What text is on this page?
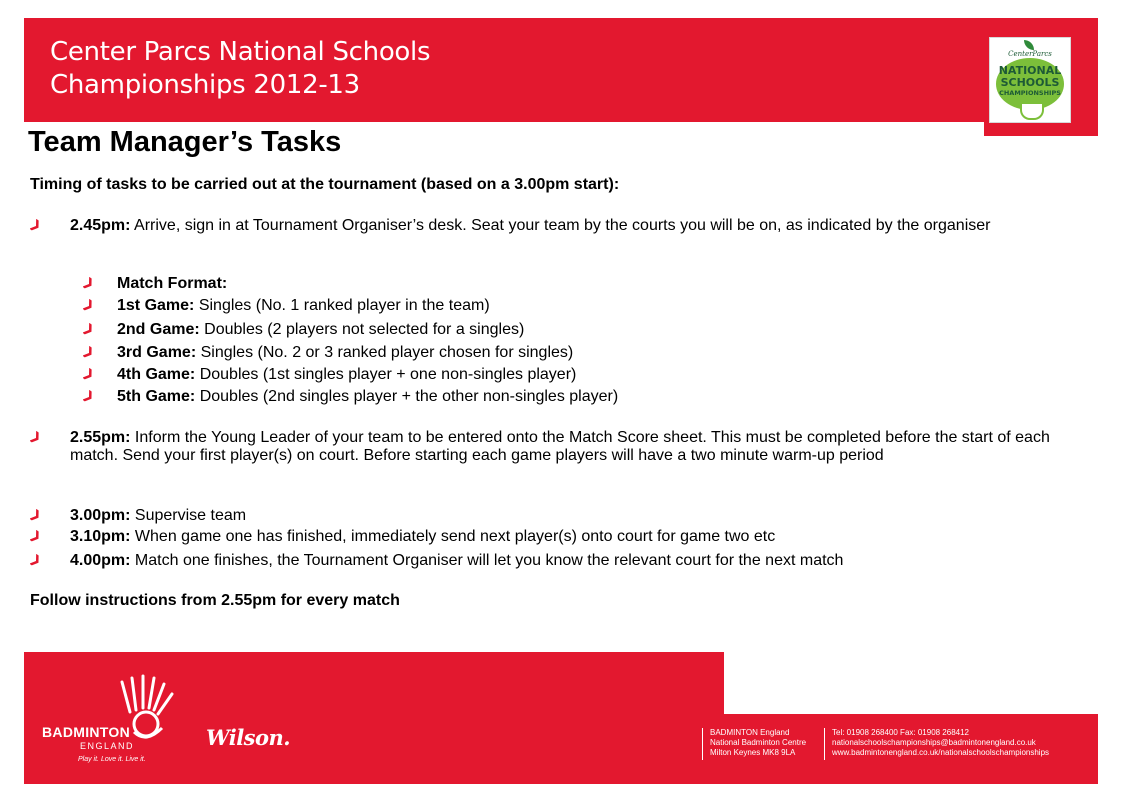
Center Parcs National Schools
Championships 2012-13
CenterParcs
NATIONAL
SCHOOLS
CHAMPIONSHIPS
Team Manager’s Tasks
Timing of tasks to be carried out at the tournament (based on a 3.00pm start):
2.45pm: Arrive, sign in at Tournament Organiser’s desk. Seat your team by the courts you will be on, as indicated by the organiser
Match Format:
1st Game: Singles (No. 1 ranked player in the team)
2nd Game: Doubles (2 players not selected for a singles)
3rd Game: Singles (No. 2 or 3 ranked player chosen for singles)
4th Game: Doubles (1st singles player + one non-singles player)
5th Game: Doubles (2nd singles player + the other non-singles player)
2.55pm: Inform the Young Leader of your team to be entered onto the Match Score sheet. This must be completed before the start of each match. Send your first player(s) on court. Before starting each game players will have a two minute warm-up period
3.00pm: Supervise team
3.10pm: When game one has finished, immediately send next player(s) onto court for game two etc
4.00pm: Match one finishes, the Tournament Organiser will let you know the relevant court for the next match
Follow instructions from 2.55pm for every match
BADMINTON
ENGLAND
Play it. Love it. Live it.
Wilson.	BADMINTON England
National Badminton Centre
Milton Keynes MK8 9LA
Tel: 01908 268400 Fax: 01908 268412
nationalschoolschampionships@badmintonengland.co.uk
www.badmintonengland.co.uk/nationalschoolschampionships
